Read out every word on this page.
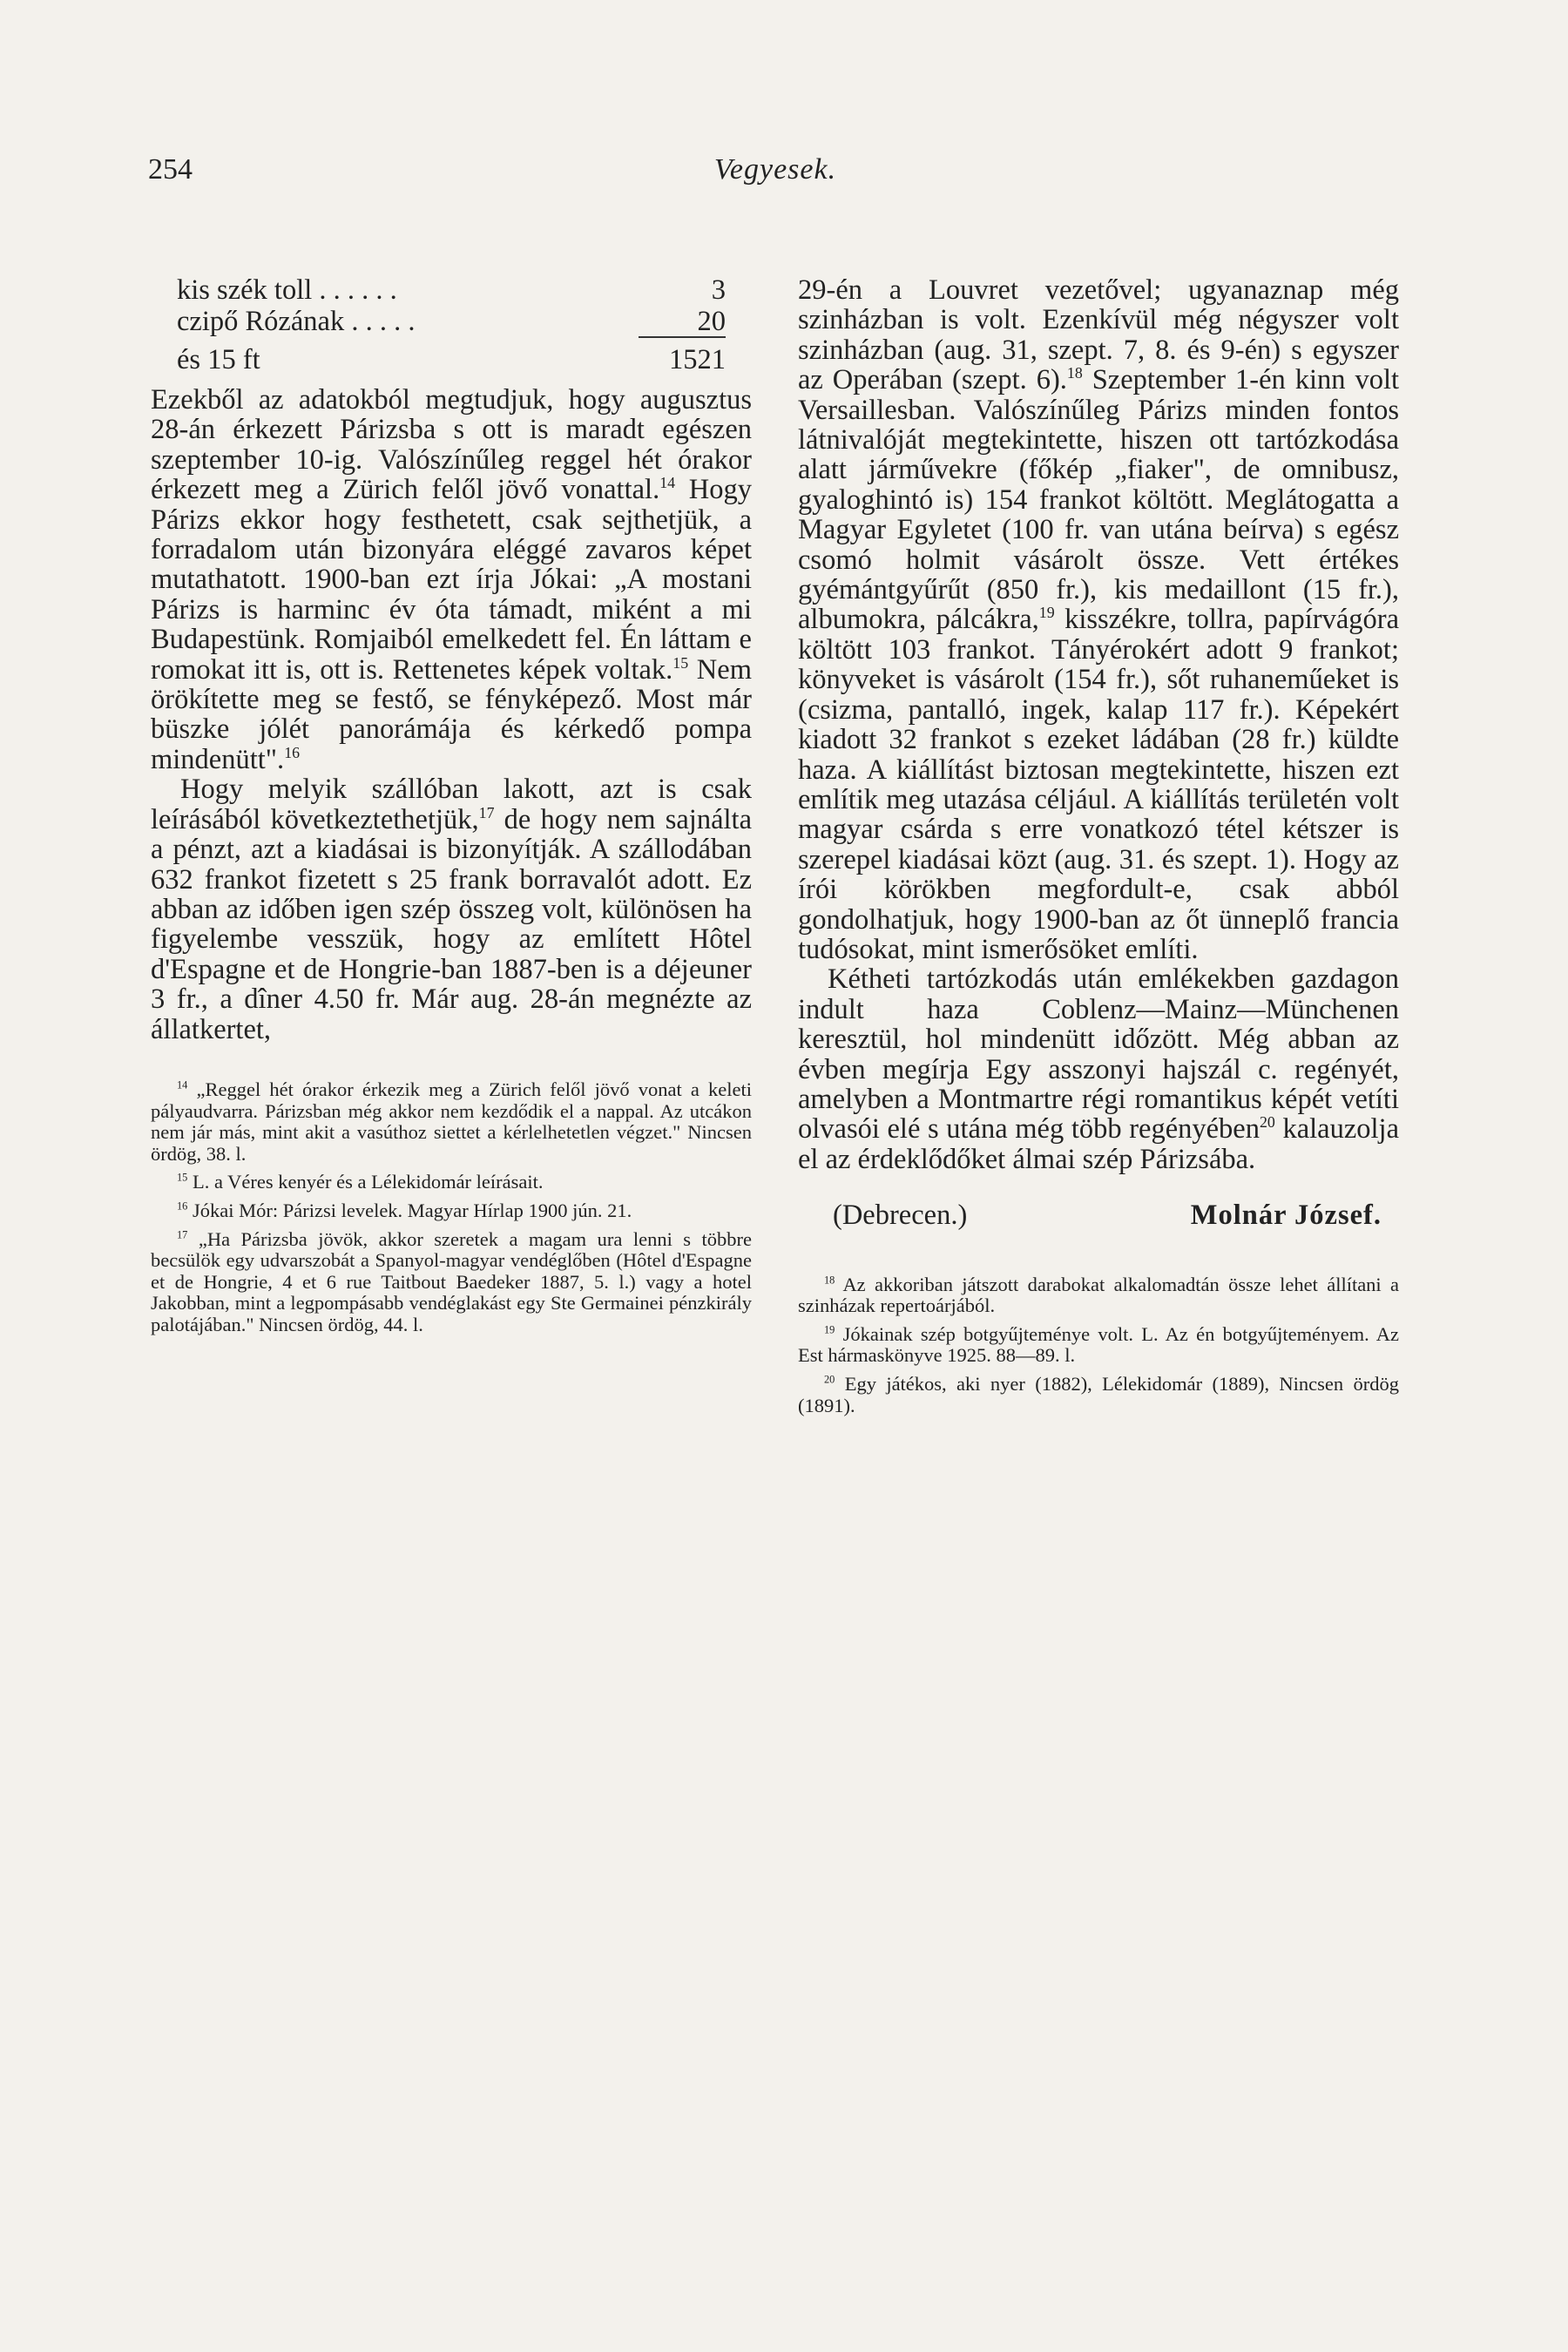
254	Vegyesek.
kis szék toll . . . . . .	3
czipő Rózának . . . . .	20
és 15 ft	1521

Ezekből az adatokból megtudjuk, hogy augusztus 28-án érkezett Párizsba s ott is maradt egészen szeptember 10-ig. Valószínűleg reggel hét órakor érkezett meg a Zürich felől jövő vonattal.$^{14}$ Hogy Párizs ekkor hogy festhetett, csak sejthetjük, a forradalom után bizonyára eléggé zavaros képet mutathatott. 1900-ban ezt írja Jókai: „A mostani Párizs is harminc év óta támadt, miként a mi Budapestünk. Romjaiból emelkedett fel. Én láttam e romokat itt is, ott is. Rettenetes képek voltak.$^{15}$ Nem örökítette meg se festő, se fényképező. Most már büszke jólét panorámája és kérkedő pompa mindenütt".$^{16}$

Hogy melyik szállóban lakott, azt is csak leírásából következtethetjük,$^{17}$ de hogy nem sajnálta a pénzt, azt a kiadásai is bizonyítják. A szállodában 632 frankot fizetett s 25 frank borravalót adott. Ez abban az időben igen szép összeg volt, különösen ha figyelembe vesszük, hogy az említett Hôtel d'Espagne et de Hongrie-ban 1887-ben is a déjeuner 3 fr., a dîner 4.50 fr. Már aug. 28-án megnézte az állatkertet,

$^{14}$ „Reggel hét órakor érkezik meg a Zürich felől jövő vonat a keleti pályaudvarra. Párizsban még akkor nem kezdődik el a nappal. Az utcákon nem jár más, mint akit a vasúthoz siettet a kérlelhetetlen végzet." Nincsen ördög, 38. l.

$^{15}$ L. a Véres kenyér és a Lélekidomár leírásait.

$^{16}$ Jókai Mór: Párizsi levelek. Magyar Hírlap 1900 jún. 21.

$^{17}$ „Ha Párizsba jövök, akkor szeretek a magam ura lenni s többre becsülök egy udvarszobát a Spanyol-magyar vendéglőben (Hôtel d'Espagne et de Hongrie, 4 et 6 rue Taitbout Baedeker 1887, 5. l.) vagy a hotel Jakobban, mint a legpompásabb vendéglakást egy Ste Germainei pénzkirály palotájában." Nincsen ördög, 44. l.

29-én a Louvret vezetővel; ugyanaznap még szinházban is volt. Ezenkívül még négyszer volt szinházban (aug. 31, szept. 7, 8. és 9-én) s egyszer az Operában (szept. 6).$^{18}$ Szeptember 1-én kinn volt Versaillesban. Valószínűleg Párizs minden fontos látnivalóját megtekintette, hiszen ott tartózkodása alatt járművekre (főkép „fiaker", de omnibusz, gyaloghintó is) 154 frankot költött. Meglátogatta a Magyar Egyletet (100 fr. van utána beírva) s egész csomó holmit vásárolt össze. Vett értékes gyémántgyűrűt (850 fr.), kis medaillont (15 fr.), albumokra, pálcákra,$^{19}$ kisszékre, tollra, papírvágóra költött 103 frankot. Tányérokért adott 9 frankot; könyveket is vásárolt (154 fr.), sőt ruhaneműeket is (csizma, pantalló, ingek, kalap 117 fr.). Képekért kiadott 32 frankot s ezeket ládában (28 fr.) küldte haza. A kiállítást biztosan megtekintette, hiszen ezt említik meg utazása céljául. A kiállítás területén volt magyar csárda s erre vonatkozó tétel kétszer is szerepel kiadásai közt (aug. 31. és szept. 1). Hogy az írói körökben megfordult-e, csak abból gondolhatjuk, hogy 1900-ban az őt ünneplő francia tudósokat, mint ismerősöket említi.

Kétheti tartózkodás után emlékekben gazdagon indult haza Coblenz—Mainz—Münchenen keresztül, hol mindenütt időzött. Még abban az évben megírja Egy asszonyi hajszál c. regényét, amelyben a Montmartre régi romantikus képét vetíti olvasói elé s utána még több regényében$^{20}$ kalauzolja el az érdeklődőket álmai szép Párizsába.

(Debrecen.)	Molnár József.

$^{18}$ Az akkoriban játszott darabokat alkalomadtán össze lehet állítani a szinházak repertoárjából.

$^{19}$ Jókainak szép botgyűjteménye volt. L. Az én botgyűjteményem. Az Est hármaskönyve 1925. 88—89. l.

$^{20}$ Egy játékos, aki nyer (1882), Lélekidomár (1889), Nincsen ördög (1891).
